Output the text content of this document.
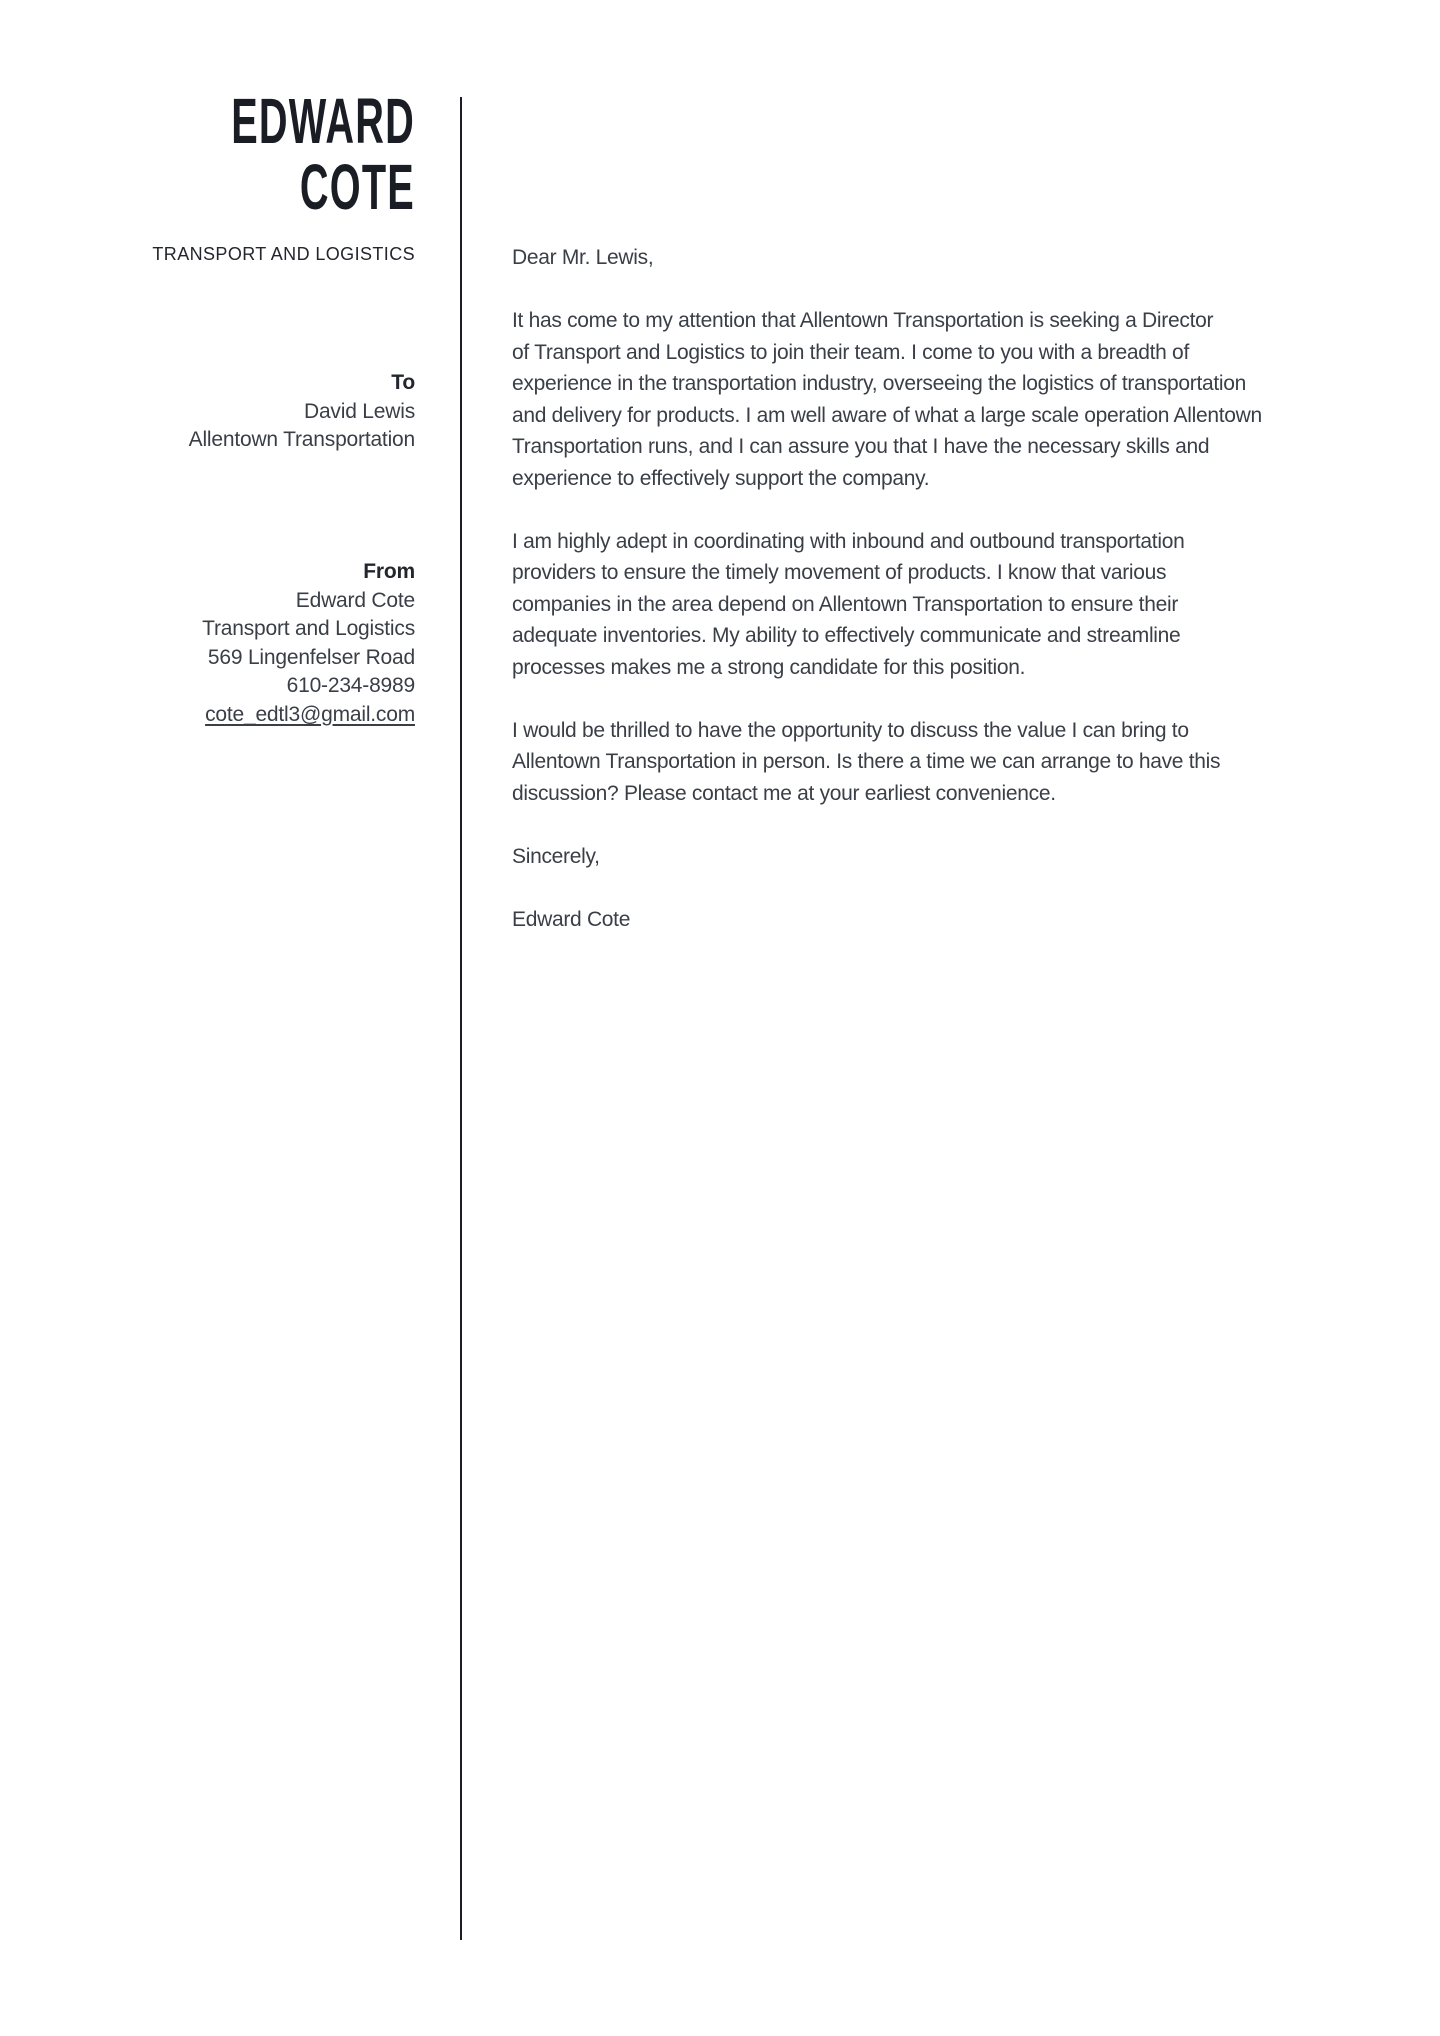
EDWARD
COTE
TRANSPORT AND LOGISTICS
To
David Lewis
Allentown Transportation
From
Edward Cote
Transport and Logistics
569 Lingenfelser Road
610-234-8989
cote_edtl3@gmail.com

Dear Mr. Lewis,

It has come to my attention that Allentown Transportation is seeking a Director
of Transport and Logistics to join their team. I come to you with a breadth of
experience in the transportation industry, overseeing the logistics of transportation
and delivery for products. I am well aware of what a large scale operation Allentown
Transportation runs, and I can assure you that I have the necessary skills and
experience to effectively support the company.

I am highly adept in coordinating with inbound and outbound transportation
providers to ensure the timely movement of products. I know that various
companies in the area depend on Allentown Transportation to ensure their
adequate inventories. My ability to effectively communicate and streamline
processes makes me a strong candidate for this position.

I would be thrilled to have the opportunity to discuss the value I can bring to
Allentown Transportation in person. Is there a time we can arrange to have this
discussion? Please contact me at your earliest convenience.

Sincerely,

Edward Cote
